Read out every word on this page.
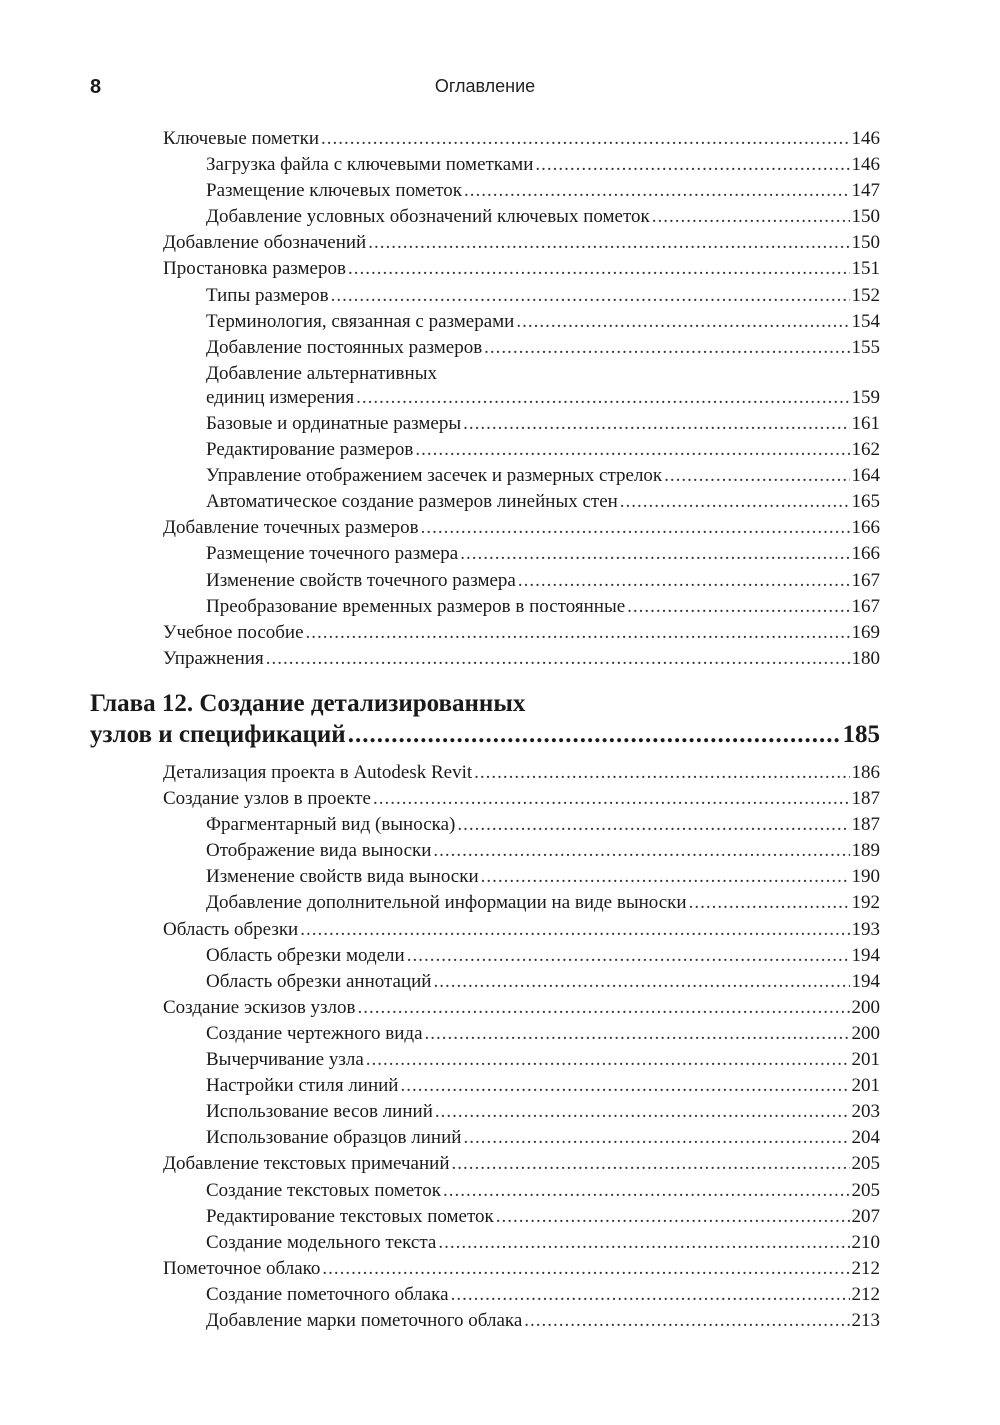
8	Оглавление
Ключевые пометки .....	146
Загрузка файла с ключевыми пометками .....	146
Размещение ключевых пометок .....	147
Добавление условных обозначений ключевых пометок .....	150
Добавление обозначений .....	150
Простановка размеров .....	151
Типы размеров .....	152
Терминология, связанная с размерами .....	154
Добавление постоянных размеров .....	155
Добавление альтернативных
единиц измерения .....	159
Базовые и ординатные размеры .....	161
Редактирование размеров .....	162
Управление отображением засечек и размерных стрелок .....	164
Автоматическое создание размеров линейных стен .....	165
Добавление точечных размеров .....	166
Размещение точечного размера .....	166
Изменение свойств точечного размера .....	167
Преобразование временных размеров в постоянные .....	167
Учебное пособие .....	169
Упражнения .....	180
Глава 12. Создание детализированных
узлов и спецификаций .....	185
Детализация проекта в Autodesk Revit .....	186
Создание узлов в проекте .....	187
Фрагментарный вид (выноска) .....	187
Отображение вида выноски .....	189
Изменение свойств вида выноски .....	190
Добавление дополнительной информации на виде выноски .....	192
Область обрезки .....	193
Область обрезки модели .....	194
Область обрезки аннотаций .....	194
Создание эскизов узлов .....	200
Создание чертежного вида .....	200
Вычерчивание узла .....	201
Настройки стиля линий .....	201
Использование весов линий .....	203
Использование образцов линий .....	204
Добавление текстовых примечаний .....	205
Создание текстовых пометок .....	205
Редактирование текстовых пометок .....	207
Создание модельного текста .....	210
Пометочное облако .....	212
Создание пометочного облака .....	212
Добавление марки пометочного облака .....	213
